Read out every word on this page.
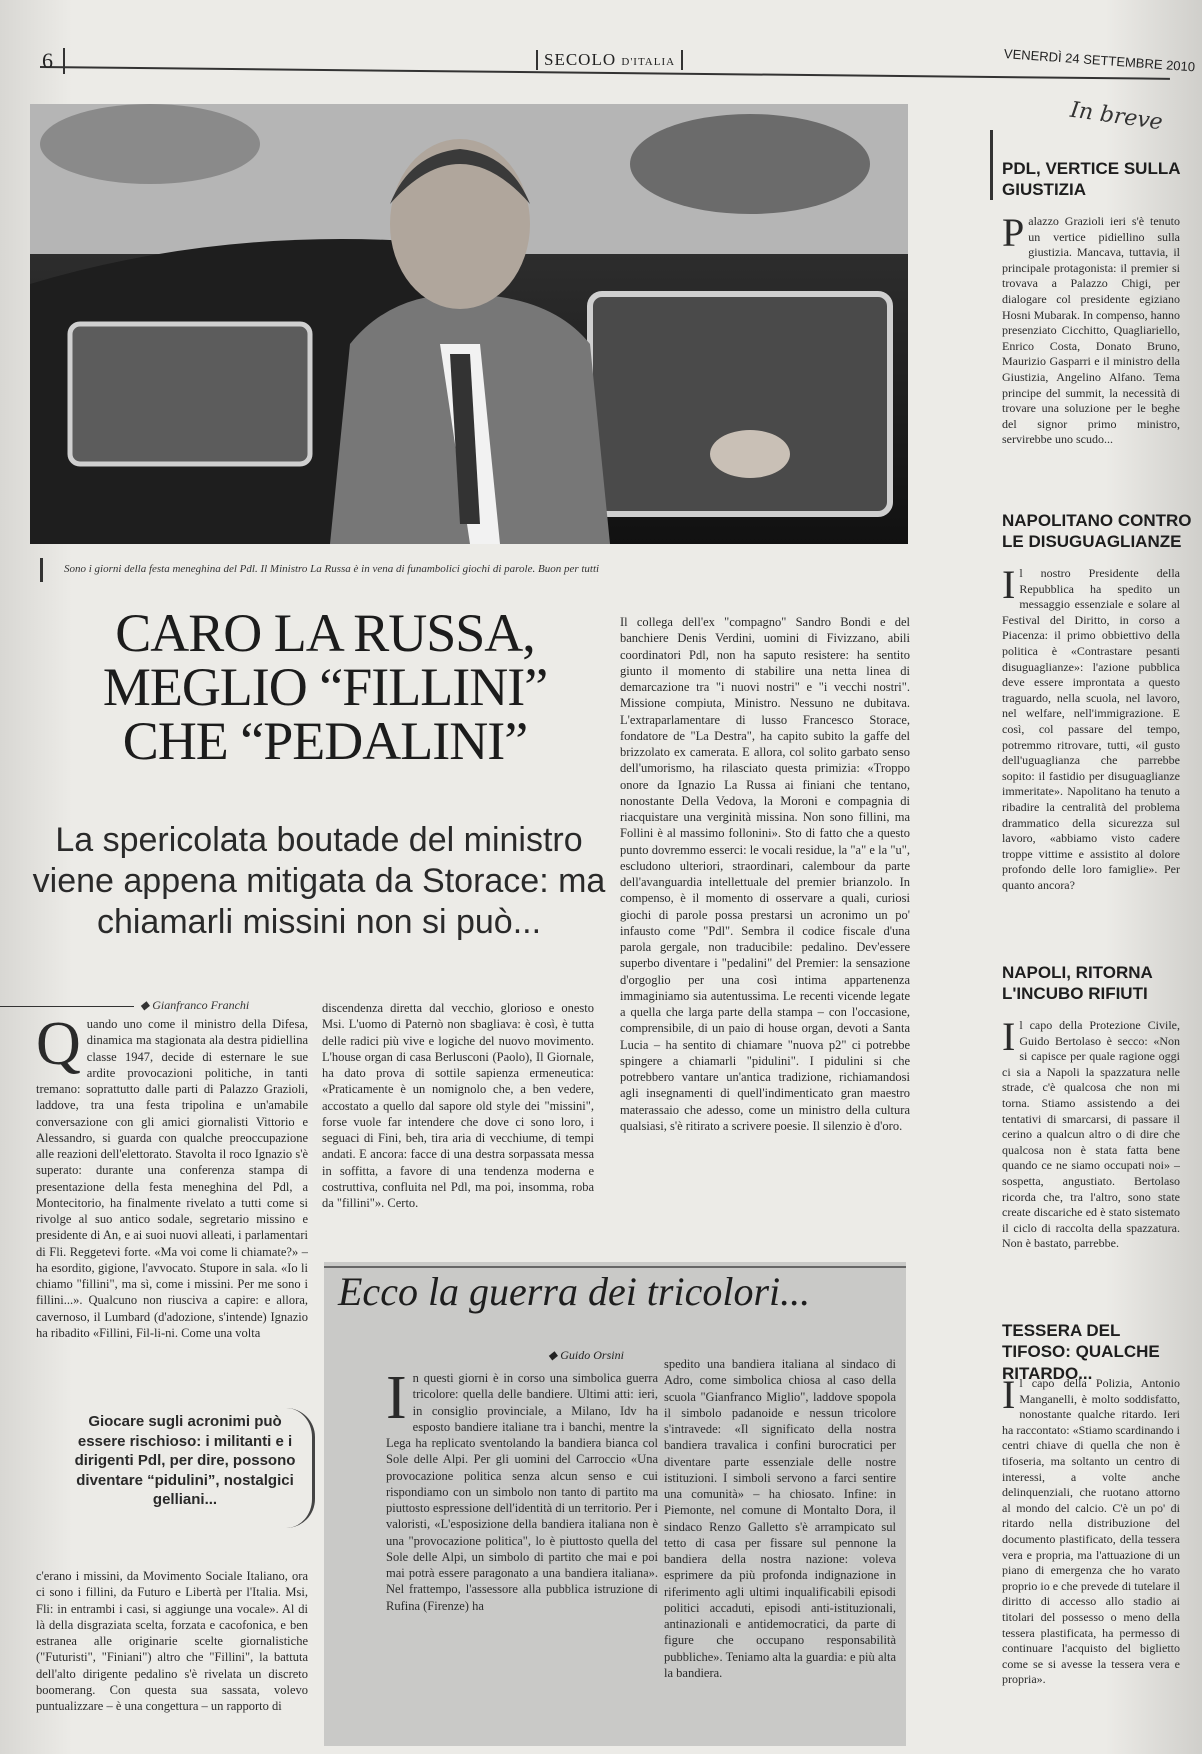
6	SECOLO D'ITALIA	VENERDÌ 24 SETTEMBRE 2010
Sono i giorni della festa meneghina del Pdl. Il Ministro La Russa è in vena di funambolici giochi di parole. Buon per tutti
CARO LA RUSSA,
MEGLIO “FILLINI”
CHE “PEDALINI”
La spericolata boutade del ministro viene appena mitigata da Storace: ma chiamarli missini non si può...
◆ Gianfranco Franchi
Quando uno come il ministro della Difesa, dinamica ma stagionata ala destra pidiellina classe 1947, decide di esternare le sue ardite provocazioni politiche, in tanti tremano: soprattutto dalle parti di Palazzo Grazioli, laddove, tra una festa tripolina e un'amabile conversazione con gli amici giornalisti Vittorio e Alessandro, si guarda con qualche preoccupazione alle reazioni dell'elettorato. Stavolta il roco Ignazio s'è superato: durante una conferenza stampa di presentazione della festa meneghina del Pdl, a Montecitorio, ha finalmente rivelato a tutti come si rivolge al suo antico sodale, segretario missino e presidente di An, e ai suoi nuovi alleati, i parlamentari di Fli. Reggetevi forte. «Ma voi come li chiamate?» – ha esordito, gigione, l'avvocato. Stupore in sala. «Io li chiamo "fillini", ma sì, come i missini. Per me sono i fillini...». Qualcuno non riusciva a capire: e allora, cavernoso, il Lumbard (d'adozione, s'intende) Ignazio ha ribadito «Fillini, Fil-li-ni. Come una volta
Giocare sugli acronimi può essere rischioso: i militanti e i dirigenti Pdl, per dire, possono diventare “pidulini”, nostalgici gelliani...
c'erano i missini, da Movimento Sociale Italiano, ora ci sono i fillini, da Futuro e Libertà per l'Italia. Msi, Fli: in entrambi i casi, si aggiunge una vocale». Al di là della disgraziata scelta, forzata e cacofonica, e ben estranea alle originarie scelte giornalistiche ("Futuristi", "Finiani") altro che "Fillini", la battuta dell'alto dirigente pedalino s'è rivelata un discreto boomerang. Con questa sua sassata, volevo puntualizzare – è una congettura – un rapporto di
discendenza diretta dal vecchio, glorioso e onesto Msi. L'uomo di Paternò non sbagliava: è così, è tutta delle radici più vive e logiche del nuovo movimento. L'house organ di casa Berlusconi (Paolo), Il Giornale, ha dato prova di sottile sapienza ermeneutica: «Praticamente è un nomignolo che, a ben vedere, accostato a quello dal sapore old style dei "missini", forse vuole far intendere che dove ci sono loro, i seguaci di Fini, beh, tira aria di vecchiume, di tempi andati. E ancora: facce di una destra sorpassata messa in soffitta, a favore di una tendenza moderna e costruttiva, confluita nel Pdl, ma poi, insomma, roba da "fillini"». Certo.
Il collega dell'ex "compagno" Sandro Bondi e del banchiere Denis Verdini, uomini di Fivizzano, abili coordinatori Pdl, non ha saputo resistere: ha sentito giunto il momento di stabilire una netta linea di demarcazione tra "i nuovi nostri" e "i vecchi nostri". Missione compiuta, Ministro. Nessuno ne dubitava. L'extraparlamentare di lusso Francesco Storace, fondatore de "La Destra", ha capito subito la gaffe del brizzolato ex camerata. E allora, col solito garbato senso dell'umorismo, ha rilasciato questa primizia: «Troppo onore da Ignazio La Russa ai finiani che tentano, nonostante Della Vedova, la Moroni e compagnia di riacquistare una verginità missina. Non sono fillini, ma Follini è al massimo follonini». Sto di fatto che a questo punto dovremmo esserci: le vocali residue, la "a" e la "u", escludono ulteriori, straordinari, calembour da parte dell'avanguardia intellettuale del premier brianzolo. In compenso, è il momento di osservare a quali, curiosi giochi di parole possa prestarsi un acronimo un po' infausto come "Pdl". Sembra il codice fiscale d'una parola gergale, non traducibile: pedalino. Dev'essere superbo diventare i "pedalini" del Premier: la sensazione d'orgoglio per una così intima appartenenza immaginiamo sia autentussima. Le recenti vicende legate a quella che larga parte della stampa – con l'occasione, comprensibile, di un paio di house organ, devoti a Santa Lucia – ha sentito di chiamare "nuova p2" ci potrebbe spingere a chiamarli "pidulini". I pidulini si che potrebbero vantare un'antica tradizione, richiamandosi agli insegnamenti di quell'indimenticato gran maestro materassaio che adesso, come un ministro della cultura qualsiasi, s'è ritirato a scrivere poesie. Il silenzio è d'oro.
Ecco la guerra dei tricolori...
◆ Guido Orsini
In questi giorni è in corso una simbolica guerra tricolore: quella delle bandiere. Ultimi atti: ieri, in consiglio provinciale, a Milano, Idv ha esposto bandiere italiane tra i banchi, mentre la Lega ha replicato sventolando la bandiera bianca col Sole delle Alpi. Per gli uomini del Carroccio «Una provocazione politica senza alcun senso e cui rispondiamo con un simbolo non tanto di partito ma piuttosto espressione dell'identità di un territorio. Per i valoristi, «L'esposizione della bandiera italiana non è una "provocazione politica", lo è piuttosto quella del Sole delle Alpi, un simbolo di partito che mai e poi mai potrà essere paragonato a una bandiera italiana». Nel frattempo, l'assessore alla pubblica istruzione di Rufina (Firenze) ha
spedito una bandiera italiana al sindaco di Adro, come simbolica chiosa al caso della scuola "Gianfranco Miglio", laddove spopola il simbolo padanoide e nessun tricolore s'intravede: «Il significato della nostra bandiera travalica i confini burocratici per diventare parte essenziale delle nostre istituzioni. I simboli servono a farci sentire una comunità» – ha chiosato. Infine: in Piemonte, nel comune di Montalto Dora, il sindaco Renzo Galletto s'è arrampicato sul tetto di casa per fissare sul pennone la bandiera della nostra nazione: voleva esprimere da più profonda indignazione in riferimento agli ultimi inqualificabili episodi politici accaduti, episodi anti-istituzionali, antinazionali e antidemocratici, da parte di figure che occupano responsabilità pubbliche». Teniamo alta la guardia: e più alta la bandiera.
In breve
PDL, VERTICE SULLA GIUSTIZIA
Palazzo Grazioli ieri s'è tenuto un vertice pidiellino sulla giustizia. Mancava, tuttavia, il principale protagonista: il premier si trovava a Palazzo Chigi, per dialogare col presidente egiziano Hosni Mubarak. In compenso, hanno presenziato Cicchitto, Quagliariello, Enrico Costa, Donato Bruno, Maurizio Gasparri e il ministro della Giustizia, Angelino Alfano. Tema principe del summit, la necessità di trovare una soluzione per le beghe del signor primo ministro, servirebbe uno scudo...
NAPOLITANO CONTRO LE DISUGUAGLIANZE
Il nostro Presidente della Repubblica ha spedito un messaggio essenziale e solare al Festival del Diritto, in corso a Piacenza: il primo obbiettivo della politica è «Contrastare pesanti disuguaglianze»: l'azione pubblica deve essere improntata a questo traguardo, nella scuola, nel lavoro, nel welfare, nell'immigrazione. E così, col passare del tempo, potremmo ritrovare, tutti, «il gusto dell'uguaglianza che parrebbe sopito: il fastidio per disuguaglianze immeritate». Napolitano ha tenuto a ribadire la centralità del problema drammatico della sicurezza sul lavoro, «abbiamo visto cadere troppe vittime e assistito al dolore profondo delle loro famiglie». Per quanto ancora?
NAPOLI, RITORNA L'INCUBO RIFIUTI
Il capo della Protezione Civile, Guido Bertolaso è secco: «Non si capisce per quale ragione oggi ci sia a Napoli la spazzatura nelle strade, c'è qualcosa che non mi torna. Stiamo assistendo a dei tentativi di smarcarsi, di passare il cerino a qualcun altro o di dire che qualcosa non è stata fatta bene quando ce ne siamo occupati noi» – sospetta, angustiato. Bertolaso ricorda che, tra l'altro, sono state create discariche ed è stato sistemato il ciclo di raccolta della spazzatura. Non è bastato, parrebbe.
TESSERA DEL TIFOSO: QUALCHE RITARDO...
Il capo della Polizia, Antonio Manganelli, è molto soddisfatto, nonostante qualche ritardo. Ieri ha raccontato: «Stiamo scardinando i centri chiave di quella che non è tifoseria, ma soltanto un centro di interessi, a volte anche delinquenziali, che ruotano attorno al mondo del calcio. C'è un po' di ritardo nella distribuzione del documento plastificato, della tessera vera e propria, ma l'attuazione di un piano di emergenza che ho varato proprio io e che prevede di tutelare il diritto di accesso allo stadio ai titolari del possesso o meno della tessera plastificata, ha permesso di continuare l'acquisto del biglietto come se si avesse la tessera vera e propria».
